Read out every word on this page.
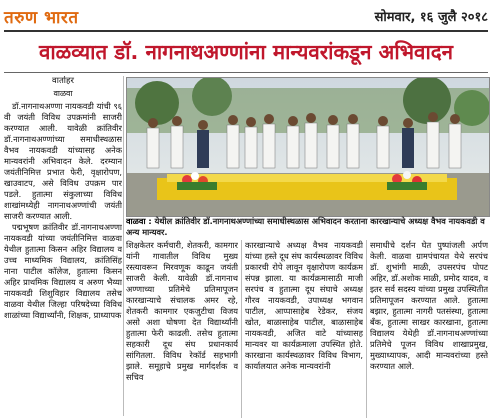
तरुण भारत	सोमवार, १६ जुलै २०१८
वाळव्यात डॉ. नागनाथअण्णांना मान्यवरांकडून अभिवादन
वार्ताहर
वाळवा
डॉ.नागनाथअण्णा नायकवडी यांची ९६ वी जयंती विविध उपक्रमांनी साजरी करण्यात आली. यावेळी क्रांतिवीर डॉ.नागनाथअण्णांच्या समाधीस्थळास वैभव नायकवडी यांच्यासह अनेक मान्यवरांनी अभिवादन केले. दरम्यान जयंतीनिमित्त प्रभात फेरी, वृक्षारोपण, खाउवाटप, असे विविध उपक्रम पार पडले. हुतात्मा संकुलाच्या विविध शाखांमध्येही नागनाथअण्णांची जयंती साजरी करण्यात आली.
पद्मभूषण क्रांतिवीर डॉ.नागनाथअण्णा नायकवडी यांच्या जयंतीनिमित्त वाळवा येथील हुतात्मा किसन अहिर विद्यालय व उच्च माध्यमिक विद्यालय, क्रांतिसिंह नाना पाटील कॉलेज, हुतात्मा किसन अहिर प्राथमिक विद्यालय व अरुण भैय्या नायकवडी शिशुविहार विद्यालय तसेच वाळवा येथील जिल्हा परिषदेच्या विविध शाळांच्या विद्यार्थ्यांनी, शिक्षक, प्राध्यापक
वाळवा : येथील क्रांतिवीर डॉ.नागनाथअण्णांच्या समाधीस्थळास अभिवादन करताना कारखान्याचे अध्यक्ष वैभव नायकवडी व अन्य मान्यवर.
शिक्षकेतर कर्मचारी, शेतकरी, कामगार यांनी गावातील विविध मुख्य रस्त्यावरून मिरवणूक काढून जयंती साजरी केली. यावेळी डॉ.नागनाथ अण्णाच्या प्रतिमेचे प्रतिमापूजन कारखान्याचे संचालक अमर रहे, शेतकरी कामगार एकजुटीचा विजय असो अशा घोषणा देत विद्यार्थ्यांनी हुतात्मा फेरी काढली. तसेच हुतात्मा सहकारी दूध संघ प्रधानकार्य सांगितला. विविध रेकॉर्ड सहभागी झाले. समूहाचे प्रमुख मार्गदर्शक व सचिव
कारखान्याचे अध्यक्ष वैभव नायकवडी यांच्या हस्ते दूध संघ कार्यस्थळावर विविध प्रकारची रोपे लावून वृक्षारोपण कार्यक्रम संपन्न झाला. या कार्यक्रमासाठी माजी सरपंच व हुतात्मा दूध संघाचे अध्यक्ष गौरव नायकवडी, उपाध्यक्ष भगवान पाटील, आप्पासाहेब रेडेकर, संजय खोत, बाळासाहेब पाटील, बाळासाहेब नायकवडी, अजित वाटे यांच्यासह मान्यवर या कार्यक्रमाला उपस्थित होते. कारखाना कार्यस्थळावर विविध विभाग, कार्यालयात अनेक मान्यवरांनी
समाधीचे दर्शन घेत पुष्पांजली अर्पण केली. वाळवा ग्रामपंचायत येथे सरपंच डॉ. शुभांगी माळी, उपसरपंच पोपट अहिर, डॉ.अशोक माळी, प्रमोद यादव, व इतर सर्व सदस्य यांच्या प्रमुख उपस्थितीत प्रतिमापूजन करण्यात आले. हुतात्मा बझार, हुतात्मा नागरी पतसंस्था, हुतात्मा बँक, हुतात्मा साखर कारखाना, हुतात्मा विद्यालय येथेही डॉ.नागनाथअण्णांच्या प्रतिमेचे पूजन विविध शाखाप्रमुख, मुख्याध्यापक, आदी मान्यवरांच्या हस्ते करण्यात आले.
